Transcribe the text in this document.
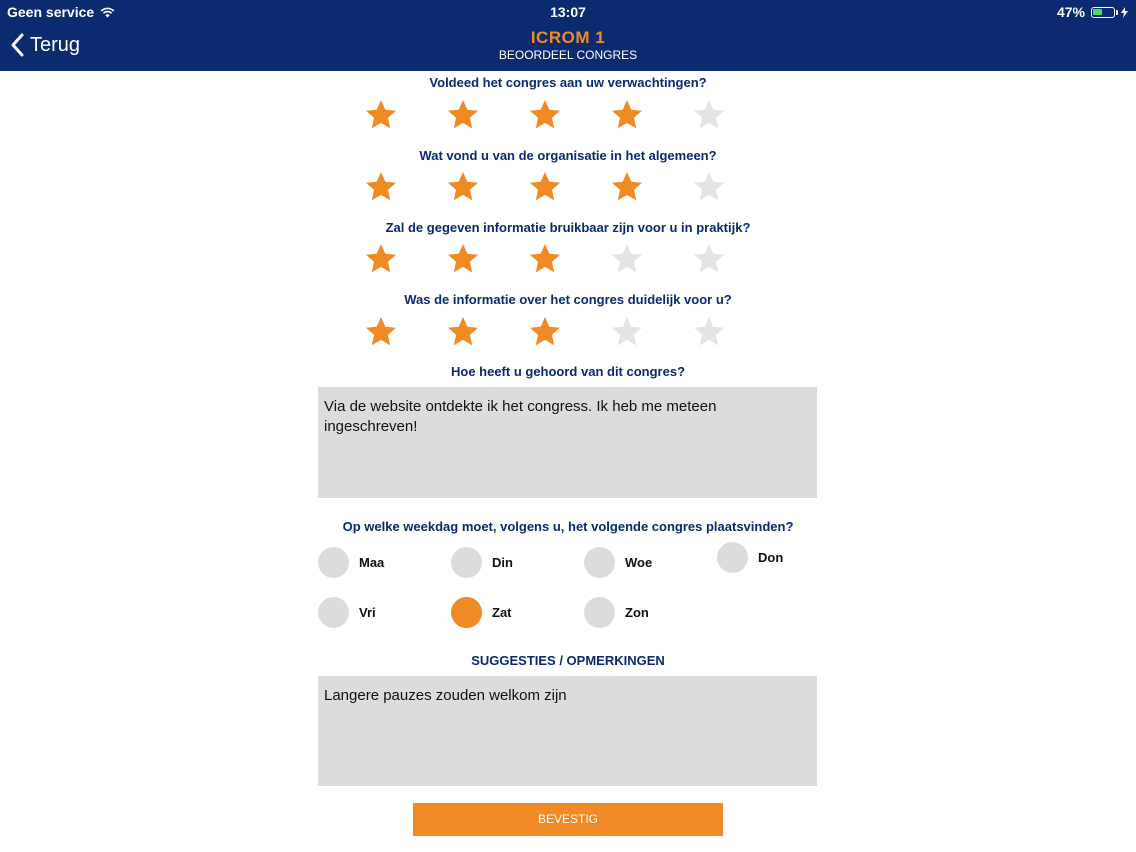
Geen service	13:07	47%
Terug	ICROM 1
BEOORDEEL CONGRES
Voldeed het congres aan uw verwachtingen?
Wat vond u van de organisatie in het algemeen?
Zal de gegeven informatie bruikbaar zijn voor u in praktijk?
Was de informatie over het congres duidelijk voor u?
Hoe heeft u gehoord van dit congres?
Via de website ontdekte ik het congress. Ik heb me meteen ingeschreven!
Op welke weekdag moet, volgens u, het volgende congres plaatsvinden?
Maa	Din	Woe	Don
Vri	Zat	Zon
SUGGESTIES / OPMERKINGEN
Langere pauzes zouden welkom zijn
BEVESTIG
